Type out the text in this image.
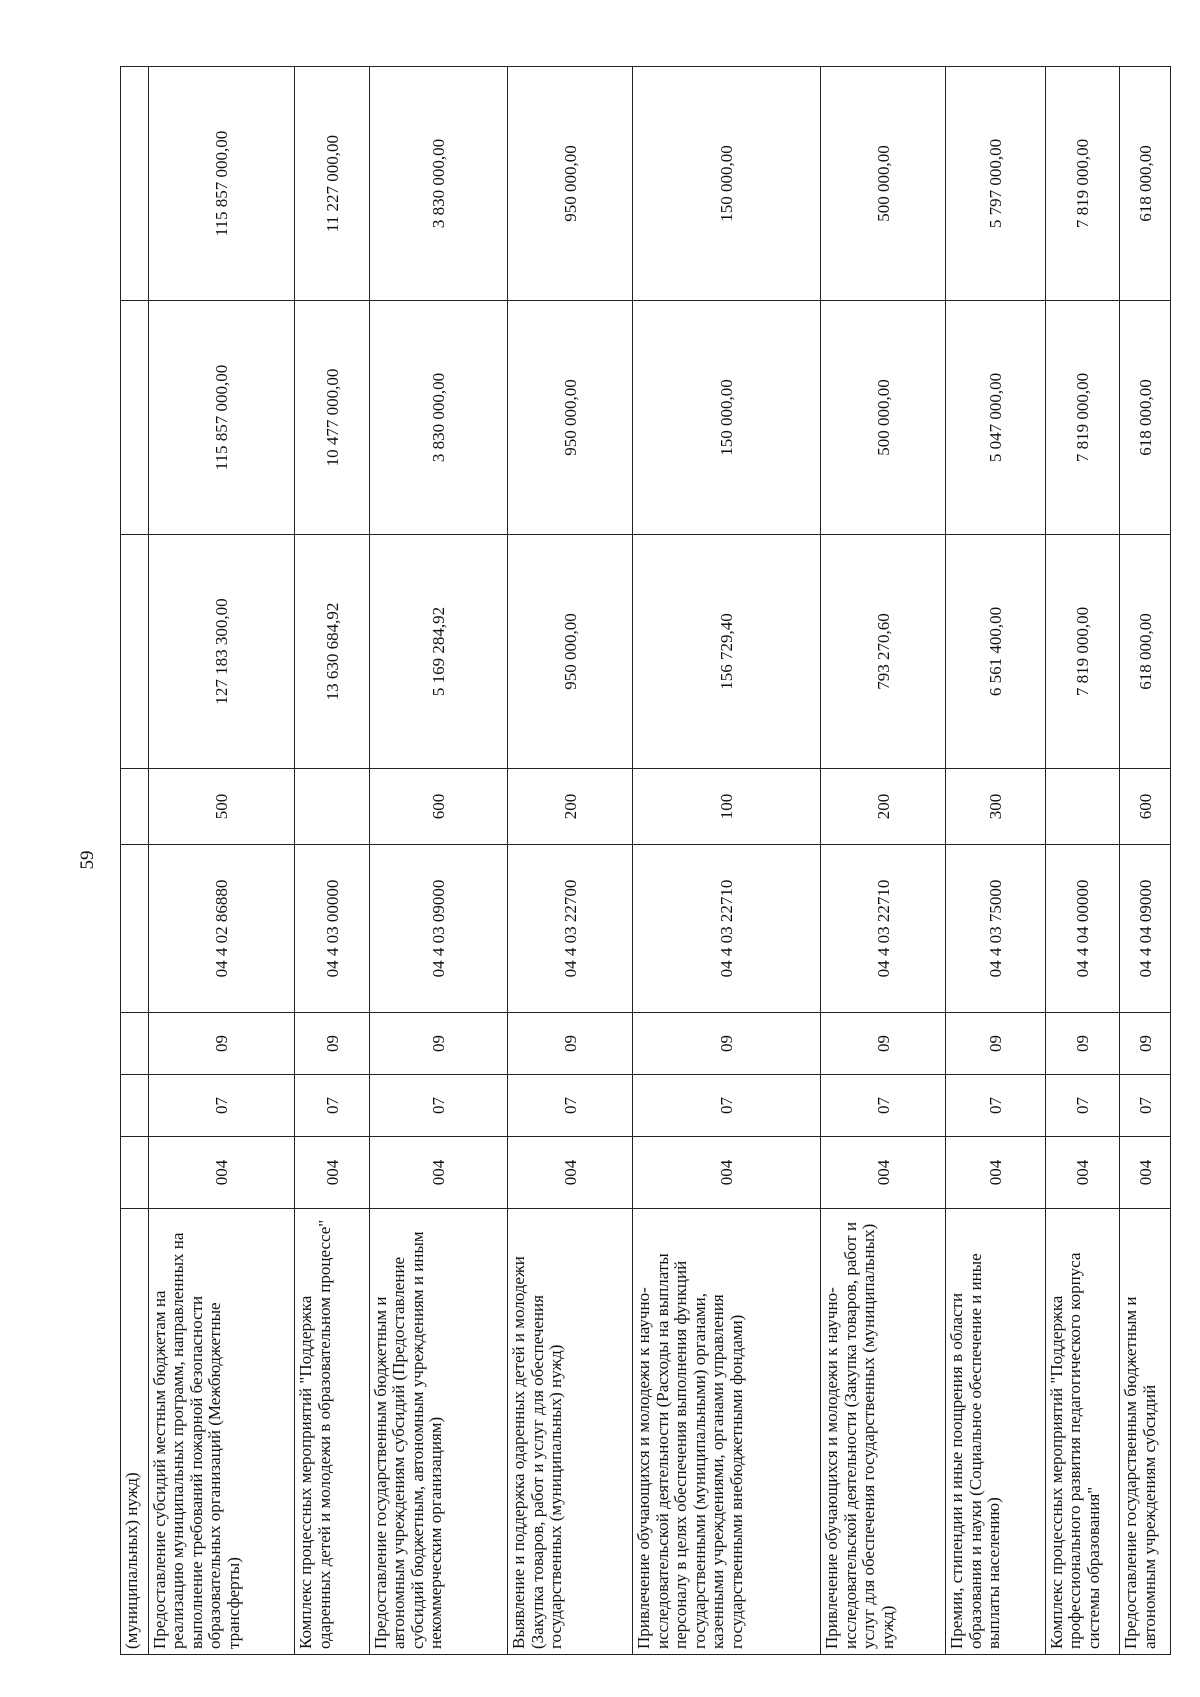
59
(муниципальных) нужд)								
Предоставление субсидий местным бюджетам на реализацию муниципальных программ, направленных на выполнение требований пожарной безопасности образовательных организаций (Межбюджетные трансферты)	004	07	09	04 4 02 86880	500	127 183 300,00	115 857 000,00	115 857 000,00
Комплекс процессных мероприятий "Поддержка одаренных детей и молодежи в образовательном процессе"	004	07	09	04 4 03 00000		13 630 684,92	10 477 000,00	11 227 000,00
Предоставление государственным бюджетным и автономным учреждениям субсидий (Предоставление субсидий бюджетным, автономным учреждениям и иным некоммерческим организациям)	004	07	09	04 4 03 09000	600	5 169 284,92	3 830 000,00	3 830 000,00
Выявление и поддержка одаренных детей и молодежи (Закупка товаров, работ и услуг для обеспечения государственных (муниципальных) нужд)	004	07	09	04 4 03 22700	200	950 000,00	950 000,00	950 000,00
Привлечение обучающихся и молодежи к научно-исследовательской деятельности (Расходы на выплаты персоналу в целях обеспечения выполнения функций государственными (муниципальными) органами, казенными учреждениями, органами управления государственными внебюджетными фондами)	004	07	09	04 4 03 22710	100	156 729,40	150 000,00	150 000,00
Привлечение обучающихся и молодежи к научно-исследовательской деятельности (Закупка товаров, работ и услуг для обеспечения государственных (муниципальных) нужд)	004	07	09	04 4 03 22710	200	793 270,60	500 000,00	500 000,00
Премии, стипендии и иные поощрения в области образования и науки (Социальное обеспечение и иные выплаты населению)	004	07	09	04 4 03 75000	300	6 561 400,00	5 047 000,00	5 797 000,00
Комплекс процессных мероприятий "Поддержка профессионального развития педагогического корпуса системы образования"	004	07	09	04 4 04 00000		7 819 000,00	7 819 000,00	7 819 000,00
Предоставление государственным бюджетным и автономным учреждениям субсидий	004	07	09	04 4 04 09000	600	618 000,00	618 000,00	618 000,00
